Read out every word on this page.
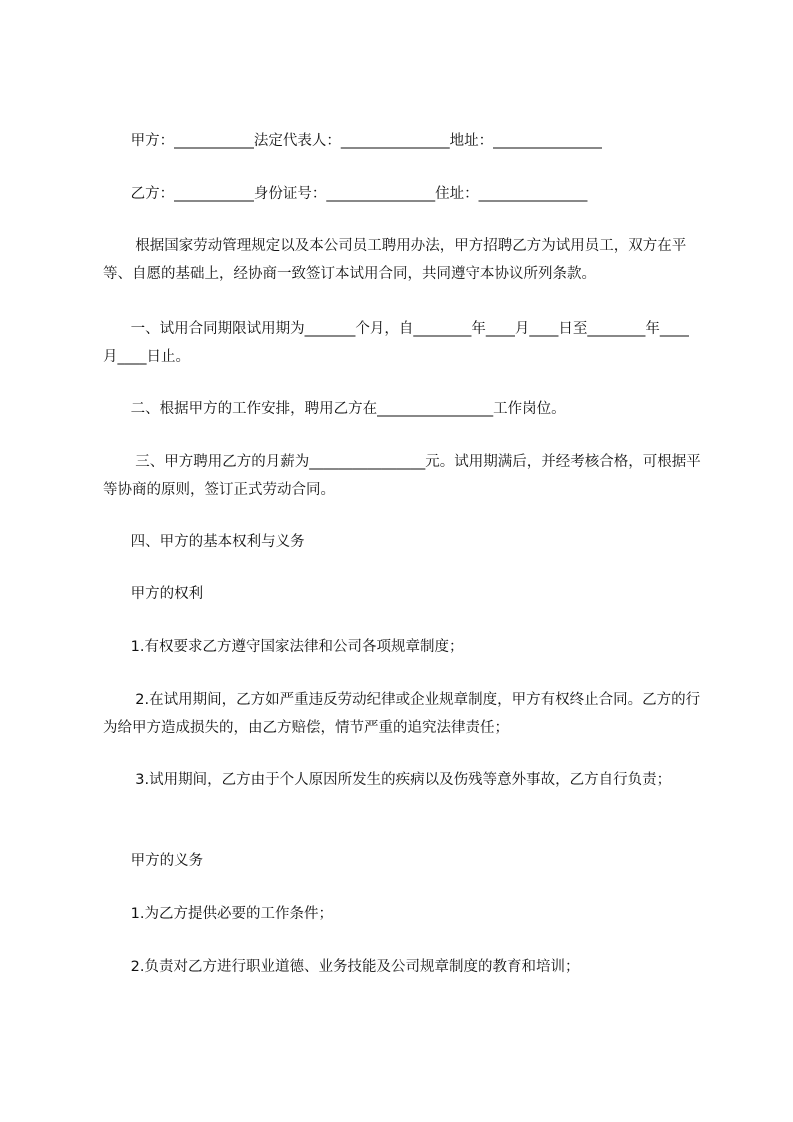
甲方：___________法定代表人：_______________地址：_______________

乙方：___________身份证号：_______________住址：_______________

根据国家劳动管理规定以及本公司员工聘用办法，甲方招聘乙方为试用员工，双方在平等、自愿的基础上，经协商一致签订本试用合同，共同遵守本协议所列条款。

一、试用合同期限试用期为_______个月，自________年____月____日至________年____月____日止。

二、根据甲方的工作安排，聘用乙方在________________工作岗位。

三、甲方聘用乙方的月薪为________________元。试用期满后，并经考核合格，可根据平等协商的原则，签订正式劳动合同。

四、甲方的基本权利与义务

甲方的权利

1.有权要求乙方遵守国家法律和公司各项规章制度；

2.在试用期间，乙方如严重违反劳动纪律或企业规章制度，甲方有权终止合同。乙方的行为给甲方造成损失的，由乙方赔偿，情节严重的追究法律责任；

3.试用期间，乙方由于个人原因所发生的疾病以及伤残等意外事故，乙方自行负责；

甲方的义务

1.为乙方提供必要的工作条件；

2.负责对乙方进行职业道德、业务技能及公司规章制度的教育和培训；
